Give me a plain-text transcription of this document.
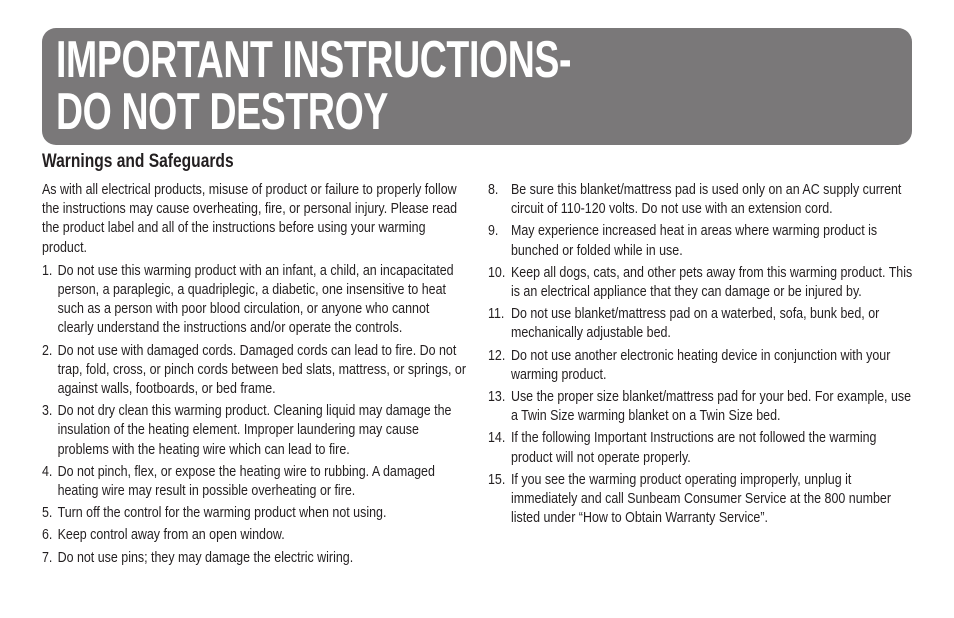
IMPORTANT INSTRUCTIONS-
DO NOT DESTROY
Warnings and Safeguards

As with all electrical products, misuse of product or failure to properly follow the instructions may cause overheating, fire, or personal injury. Please read the product label and all of the instructions before using your warming product.

1. Do not use this warming product with an infant, a child, an incapacitated person, a paraplegic, a quadriplegic, a diabetic, one insensitive to heat such as a person with poor blood circulation, or anyone who cannot clearly understand the instructions and/or operate the controls.
2. Do not use with damaged cords. Damaged cords can lead to fire. Do not trap, fold, cross, or pinch cords between bed slats, mattress, or springs, or against walls, footboards, or bed frame.
3. Do not dry clean this warming product. Cleaning liquid may damage the insulation of the heating element. Improper laundering may cause problems with the heating wire which can lead to fire.
4. Do not pinch, flex, or expose the heating wire to rubbing. A damaged heating wire may result in possible overheating or fire.
5. Turn off the control for the warming product when not using.
6. Keep control away from an open window.
7. Do not use pins; they may damage the electric wiring.
8. Be sure this blanket/mattress pad is used only on an AC supply current circuit of 110-120 volts. Do not use with an extension cord.
9. May experience increased heat in areas where warming product is bunched or folded while in use.
10. Keep all dogs, cats, and other pets away from this warming product. This is an electrical appliance that they can damage or be injured by.
11. Do not use blanket/mattress pad on a waterbed, sofa, bunk bed, or mechanically adjustable bed.
12. Do not use another electronic heating device in conjunction with your warming product.
13. Use the proper size blanket/mattress pad for your bed. For example, use a Twin Size warming blanket on a Twin Size bed.
14. If the following Important Instructions are not followed the warming product will not operate properly.
15. If you see the warming product operating improperly, unplug it immediately and call Sunbeam Consumer Service at the 800 number listed under “How to Obtain Warranty Service”.
